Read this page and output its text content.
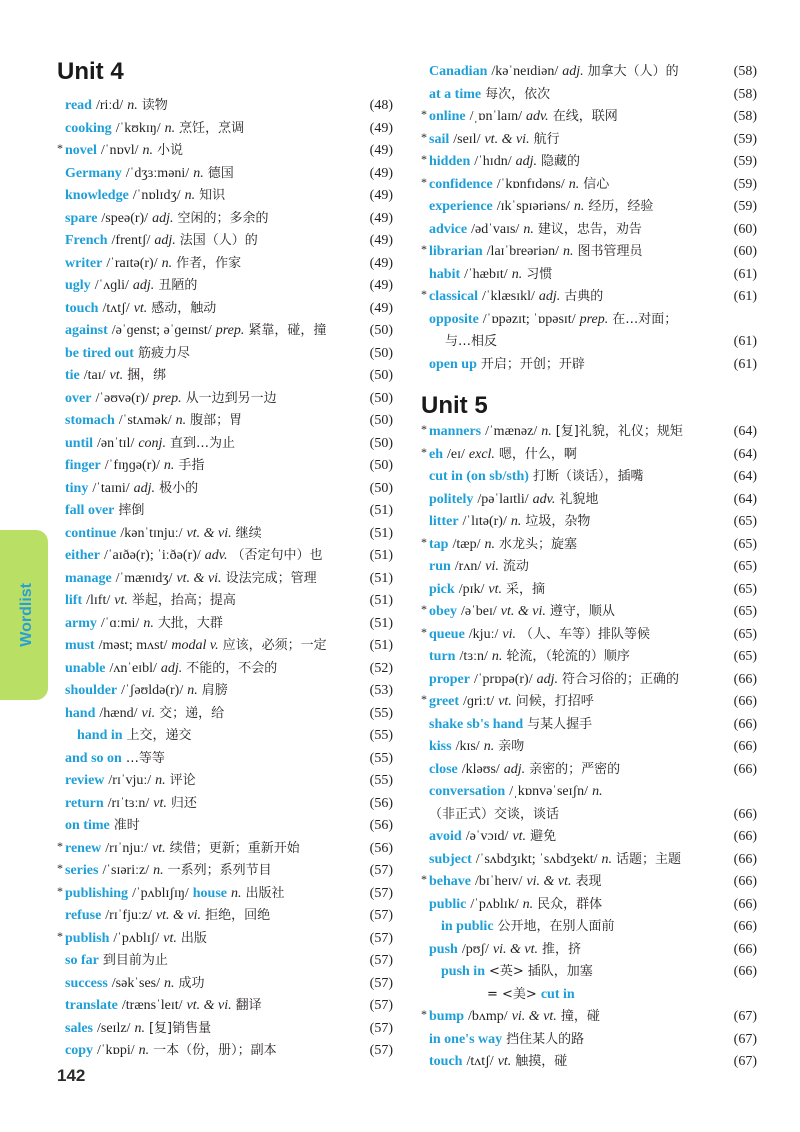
Unit 4
read /riːd/ n. 读物	(48)
cooking /ˈkʊkɪŋ/ n. 烹饪，烹调	(49)
* novel /ˈnɒvl/ n. 小说	(49)
Germany /ˈdʒɜːməni/ n. 德国	(49)
knowledge /ˈnɒlɪdʒ/ n. 知识	(49)
spare /speə(r)/ adj. 空闲的；多余的	(49)
French /frentʃ/ adj. 法国（人）的	(49)
writer /ˈraɪtə(r)/ n. 作者，作家	(49)
ugly /ˈʌɡli/ adj. 丑陋的	(49)
touch /tʌtʃ/ vt. 感动，触动	(49)
against /əˈɡenst; əˈɡeɪnst/ prep. 紧靠，碰，撞	(50)
be tired out 筋疲力尽	(50)
tie /taɪ/ vt. 捆，绑	(50)
over /ˈəʊvə(r)/ prep. 从一边到另一边	(50)
stomach /ˈstʌmək/ n. 腹部；胃	(50)
until /ənˈtɪl/ conj. 直到…为止	(50)
finger /ˈfɪŋɡə(r)/ n. 手指	(50)
tiny /ˈtaɪni/ adj. 极小的	(50)
fall over 摔倒	(51)
continue /kənˈtɪnjuː/ vt. & vi. 继续	(51)
either /ˈaɪðə(r); ˈiːðə(r)/ adv. （否定句中）也	(51)
manage /ˈmænɪdʒ/ vt. & vi. 设法完成；管理	(51)
lift /lɪft/ vt. 举起，抬高；提高	(51)
army /ˈɑːmi/ n. 大批，大群	(51)
must /məst; mʌst/ modal v. 应该，必须；一定	(51)
unable /ʌnˈeɪbl/ adj. 不能的，不会的	(52)
shoulder /ˈʃəʊldə(r)/ n. 肩膀	(53)
hand /hænd/ vi. 交；递，给	(55)
hand in 上交，递交	(55)
and so on …等等	(55)
review /rɪˈvjuː/ n. 评论	(55)
return /rɪˈtɜːn/ vt. 归还	(56)
on time 准时	(56)
* renew /rɪˈnjuː/ vt. 续借；更新；重新开始	(56)
* series /ˈsɪəriːz/ n. 一系列；系列节目	(57)
* publishing /ˈpʌblɪʃɪŋ/ house n. 出版社	(57)
refuse /rɪˈfjuːz/ vt. & vi. 拒绝，回绝	(57)
* publish /ˈpʌblɪʃ/ vt. 出版	(57)
so far 到目前为止	(57)
success /səkˈses/ n. 成功	(57)
translate /trænsˈleɪt/ vt. & vi. 翻译	(57)
sales /seɪlz/ n. [复]销售量	(57)
copy /ˈkɒpi/ n. 一本（份，册）；副本	(57)
Canadian /kəˈneɪdiən/ adj. 加拿大（人）的	(58)
at a time 每次，依次	(58)
* online /ˌɒnˈlaɪn/ adv. 在线，联网	(58)
* sail /seɪl/ vt. & vi. 航行	(59)
* hidden /ˈhɪdn/ adj. 隐藏的	(59)
* confidence /ˈkɒnfɪdəns/ n. 信心	(59)
experience /ɪkˈspɪəriəns/ n. 经历，经验	(59)
advice /ədˈvaɪs/ n. 建议，忠告，劝告	(60)
* librarian /laɪˈbreəriən/ n. 图书管理员	(60)
habit /ˈhæbɪt/ n. 习惯	(61)
* classical /ˈklæsɪkl/ adj. 古典的	(61)
opposite /ˈɒpəzɪt; ˈɒpəsɪt/ prep. 在…对面；
与…相反	(61)
open up 开启；开创；开辟	(61)
Unit 5
* manners /ˈmænəz/ n. [复]礼貌，礼仪；规矩	(64)
* eh /eɪ/ excl. 嗯，什么，啊	(64)
cut in (on sb/sth) 打断（谈话），插嘴	(64)
politely /pəˈlaɪtli/ adv. 礼貌地	(64)
litter /ˈlɪtə(r)/ n. 垃圾，杂物	(65)
* tap /tæp/ n. 水龙头；旋塞	(65)
run /rʌn/ vi. 流动	(65)
pick /pɪk/ vt. 采，摘	(65)
* obey /əˈbeɪ/ vt. & vi. 遵守，顺从	(65)
* queue /kjuː/ vi. （人、车等）排队等候	(65)
turn /tɜːn/ n. 轮流，（轮流的）顺序	(65)
proper /ˈprɒpə(r)/ adj. 符合习俗的；正确的	(66)
* greet /ɡriːt/ vt. 问候，打招呼	(66)
shake sb's hand 与某人握手	(66)
kiss /kɪs/ n. 亲吻	(66)
close /kləʊs/ adj. 亲密的；严密的	(66)
conversation /ˌkɒnvəˈseɪʃn/ n.
（非正式）交谈，谈话	(66)
avoid /əˈvɔɪd/ vt. 避免	(66)
subject /ˈsʌbdʒɪkt; ˈsʌbdʒekt/ n. 话题；主题	(66)
* behave /bɪˈheɪv/ vi. & vt. 表现	(66)
public /ˈpʌblɪk/ n. 民众，群体	(66)
in public 公开地，在别人面前	(66)
push /pʊʃ/ vi. & vt. 推，挤	(66)
push in <英> 插队，加塞	(66)
= <美> cut in
* bump /bʌmp/ vi. & vt. 撞，碰	(67)
in one's way 挡住某人的路	(67)
touch /tʌtʃ/ vt. 触摸，碰	(67)
Wordlist
142
